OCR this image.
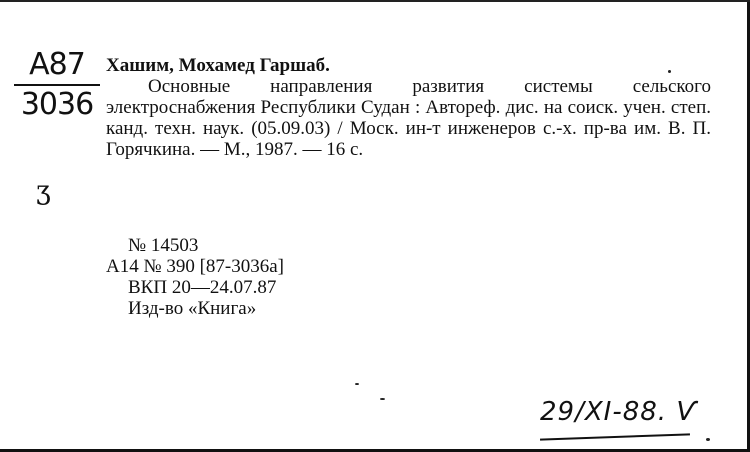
$\frac{A87}{3036}$
ӡ
Хашим, Мохамед Гаршаб.
Основные направления развития системы сельского электроснабжения Республики Судан : Автореф. дис. на соиск. учен. степ. канд. техн. наук. (05.09.03) / Моск. ин-т инженеров с.-х. пр-ва им. В. П. Горячкина. — М., 1987. — 16 с.
№ 14503
А14 № 390 [87-3036а]
ВКП 20—24.07.87
Изд-во «Книга»
29/XI-88. Ѵ
